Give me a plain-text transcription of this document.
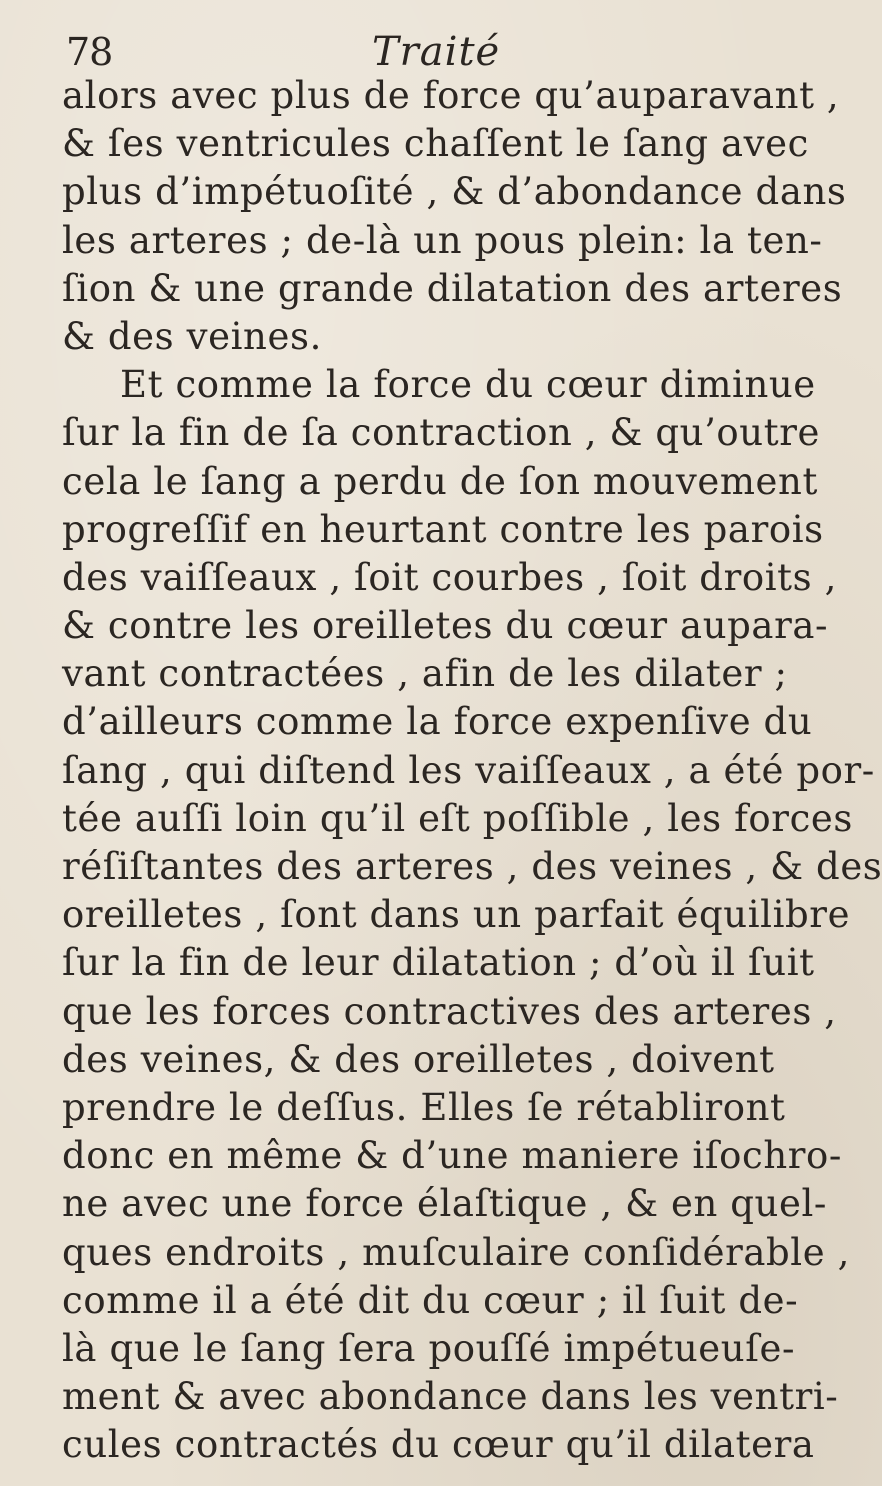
78	Traité
alors avec plus de force qu’auparavant ,
& ſes ventricules chaſſent le ſang avec
plus d’impétuoſité , & d’abondance dans
les arteres ; de-là un pous plein: la ten-
ſion & une grande dilatation des arteres
& des veines.
Et comme la force du cœur diminue
ſur la fin de ſa contraction , & qu’outre
cela le ſang a perdu de ſon mouvement
progreſſif en heurtant contre les parois
des vaiſſeaux , ſoit courbes , ſoit droits ,
& contre les oreilletes du cœur aupara-
vant contractées , afin de les dilater ;
d’ailleurs comme la force expenſive du
ſang , qui diſtend les vaiſſeaux , a été por-
tée auſſi loin qu’il eſt poſſible , les forces
réſiſtantes des arteres , des veines , & des
oreilletes , ſont dans un parfait équilibre
ſur la fin de leur dilatation ; d’où il ſuit
que les forces contractives des arteres ,
des veines, & des oreilletes , doivent
prendre le deſſus. Elles ſe rétabliront
donc en même & d’une maniere iſochro-
ne avec une force élaſtique , & en quel-
ques endroits , muſculaire conſidérable ,
comme il a été dit du cœur ; il ſuit de-
là que le ſang ſera pouſſé impétueuſe-
ment & avec abondance dans les ventri-
cules contractés du cœur qu’il dilatera
